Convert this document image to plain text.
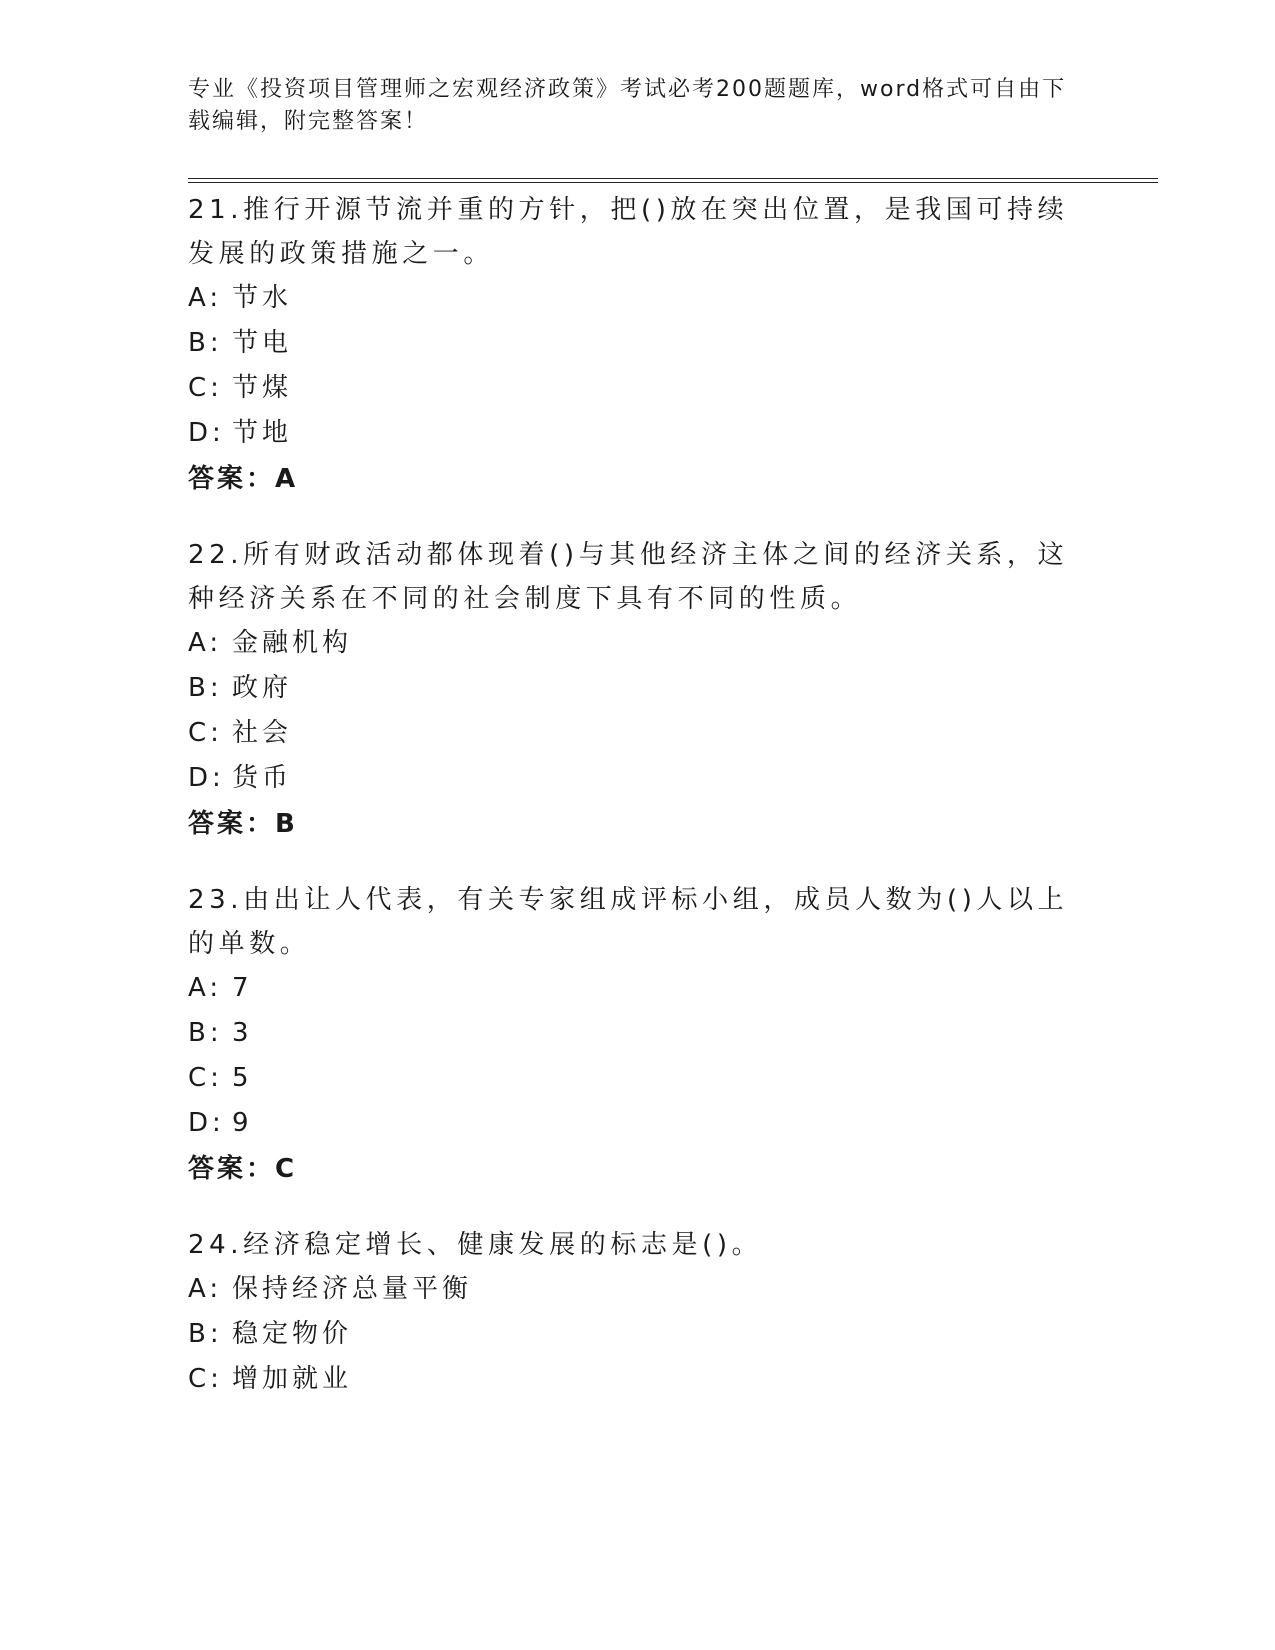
专业《投资项目管理师之宏观经济政策》考试必考200题题库，word格式可自由下载编辑，附完整答案！

21.推行开源节流并重的方针，把()放在突出位置，是我国可持续发展的政策措施之一。

A: 节水
B: 节电
C: 节煤
D: 节地
答案：A

22.所有财政活动都体现着()与其他经济主体之间的经济关系，这种经济关系在不同的社会制度下具有不同的性质。

A: 金融机构
B: 政府
C: 社会
D: 货币
答案：B

23.由出让人代表，有关专家组成评标小组，成员人数为()人以上的单数。

A: 7
B: 3
C: 5
D: 9
答案：C

24.经济稳定增长、健康发展的标志是()。

A: 保持经济总量平衡
B: 稳定物价
C: 增加就业
